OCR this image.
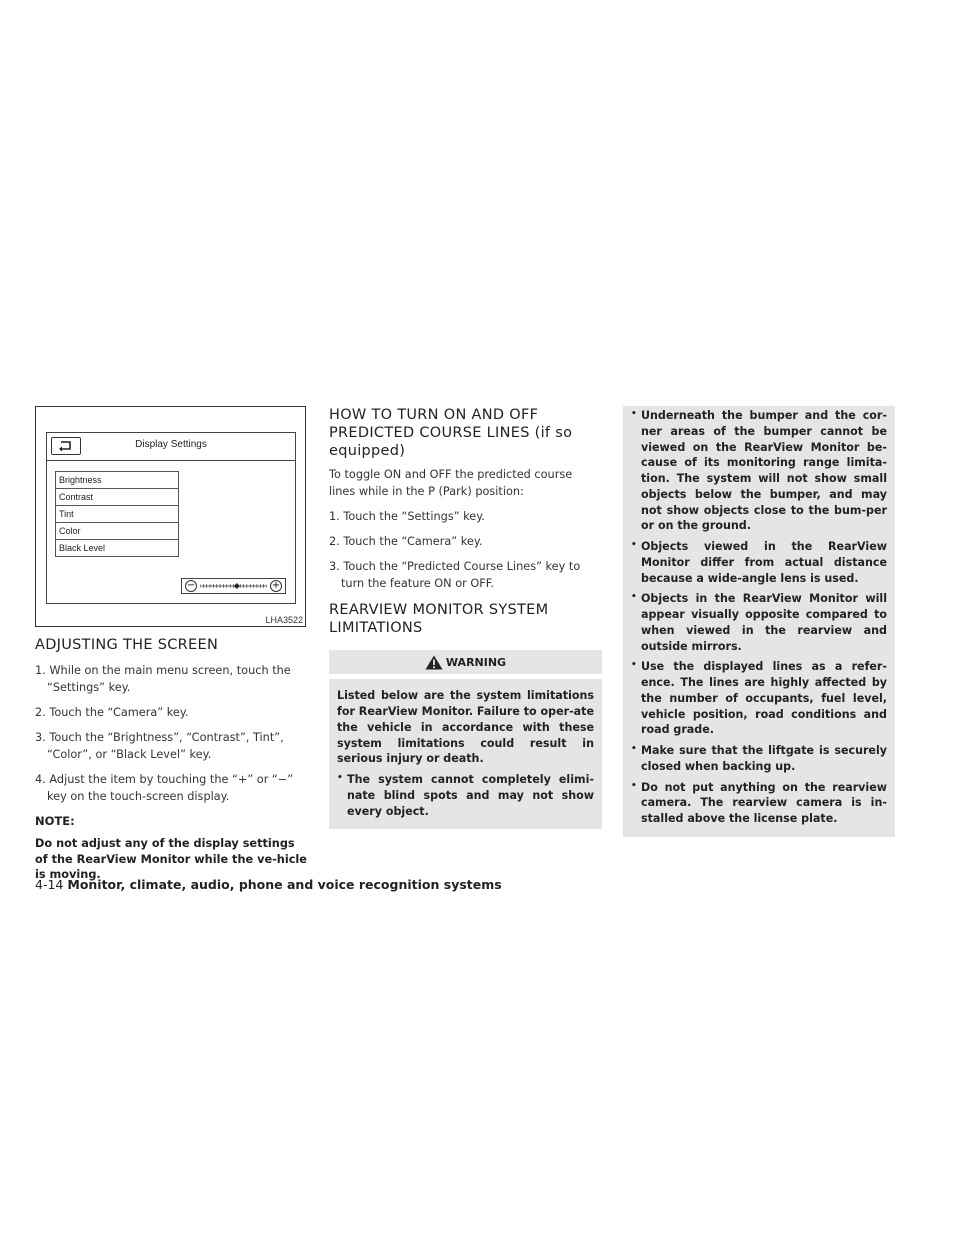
Display Settings
Brightness
Contrast
Tint
Color
Black Level
−	+
LHA3522
ADJUSTING THE SCREEN
1. While on the main menu screen, touch the “Settings” key.
2. Touch the “Camera” key.
3. Touch the “Brightness”, “Contrast”, Tint”, “Color”, or “Black Level” key.
4. Adjust the item by touching the “+” or “−” key on the touch-screen display.
NOTE:
Do not adjust any of the display settings of the RearView Monitor while the ve-hicle is moving.
HOW TO TURN ON AND OFF PREDICTED COURSE LINES (if so equipped)

To toggle ON and OFF the predicted course lines while in the P (Park) position:

1. Touch the “Settings” key.
2. Touch the “Camera” key.
3. Touch the “Predicted Course Lines” key to turn the feature ON or OFF.
REARVIEW MONITOR SYSTEM LIMITATIONS
WARNING

Listed below are the system limitations for RearView Monitor. Failure to oper-ate the vehicle in accordance with these system limitations could result in serious injury or death.

• The system cannot completely elimi-nate blind spots and may not show every object.
• Underneath the bumper and the cor-ner areas of the bumper cannot be viewed on the RearView Monitor be-cause of its monitoring range limita-tion. The system will not show small objects below the bumper, and may not show objects close to the bum-per or on the ground.
• Objects viewed in the RearView Monitor differ from actual distance because a wide-angle lens is used.
• Objects in the RearView Monitor will appear visually opposite compared to when viewed in the rearview and outside mirrors.
• Use the displayed lines as a refer-ence. The lines are highly affected by the number of occupants, fuel level, vehicle position, road conditions and road grade.
• Make sure that the liftgate is securely closed when backing up.
• Do not put anything on the rearview camera. The rearview camera is in-stalled above the license plate.
4-14 Monitor, climate, audio, phone and voice recognition systems
